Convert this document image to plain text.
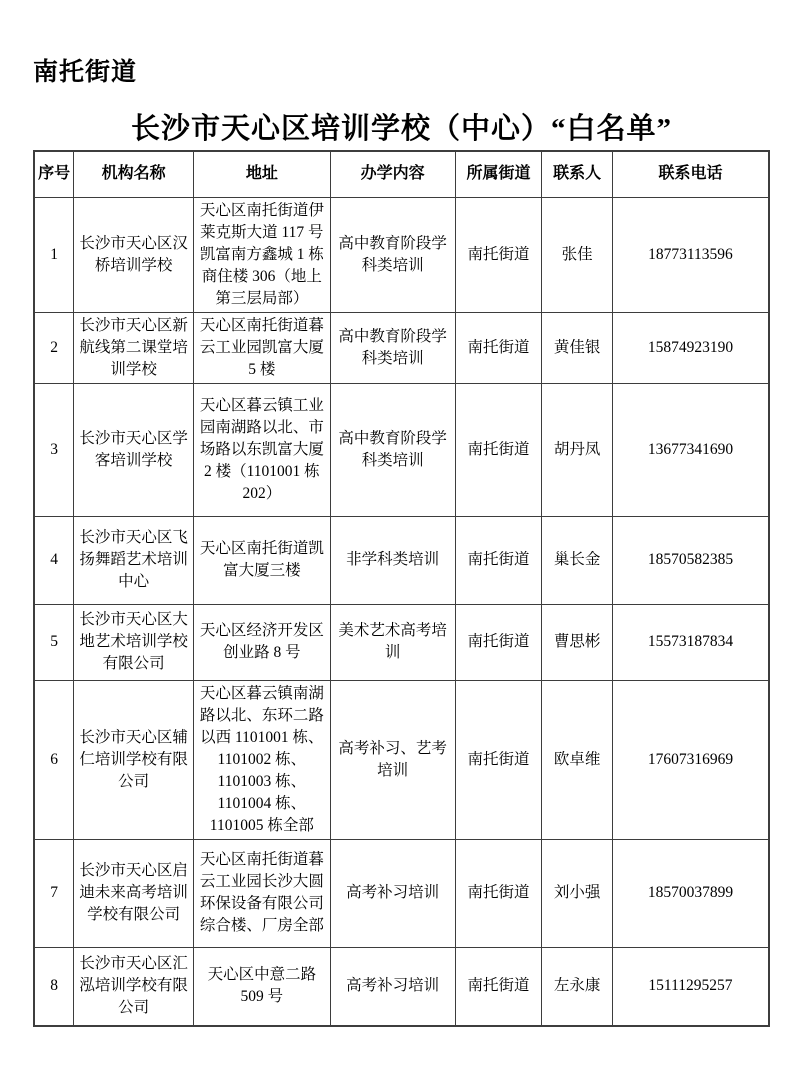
南托街道
长沙市天心区培训学校（中心）“白名单”
序号	机构名称	地址	办学内容	所属街道	联系人	联系电话
1	长沙市天心区汉桥培训学校	天心区南托街道伊莱克斯大道 117 号凯富南方鑫城 1 栋商住楼 306（地上第三层局部）	高中教育阶段学科类培训	南托街道	张佳	18773113596
2	长沙市天心区新航线第二课堂培训学校	天心区南托街道暮云工业园凯富大厦 5 楼	高中教育阶段学科类培训	南托街道	黄佳银	15874923190
3	长沙市天心区学客培训学校	天心区暮云镇工业园南湖路以北、市场路以东凯富大厦 2 楼（1101001 栋 202）	高中教育阶段学科类培训	南托街道	胡丹凤	13677341690
4	长沙市天心区飞扬舞蹈艺术培训中心	天心区南托街道凯富大厦三楼	非学科类培训	南托街道	巢长金	18570582385
5	长沙市天心区大地艺术培训学校有限公司	天心区经济开发区创业路 8 号	美术艺术高考培训	南托街道	曹思彬	15573187834
6	长沙市天心区辅仁培训学校有限公司	天心区暮云镇南湖路以北、东环二路以西 1101001 栋、1101002 栋、1101003 栋、1101004 栋、1101005 栋全部	高考补习、艺考培训	南托街道	欧卓维	17607316969
7	长沙市天心区启迪未来高考培训学校有限公司	天心区南托街道暮云工业园长沙大圆环保设备有限公司综合楼、厂房全部	高考补习培训	南托街道	刘小强	18570037899
8	长沙市天心区汇泓培训学校有限公司	天心区中意二路 509 号	高考补习培训	南托街道	左永康	15111295257
